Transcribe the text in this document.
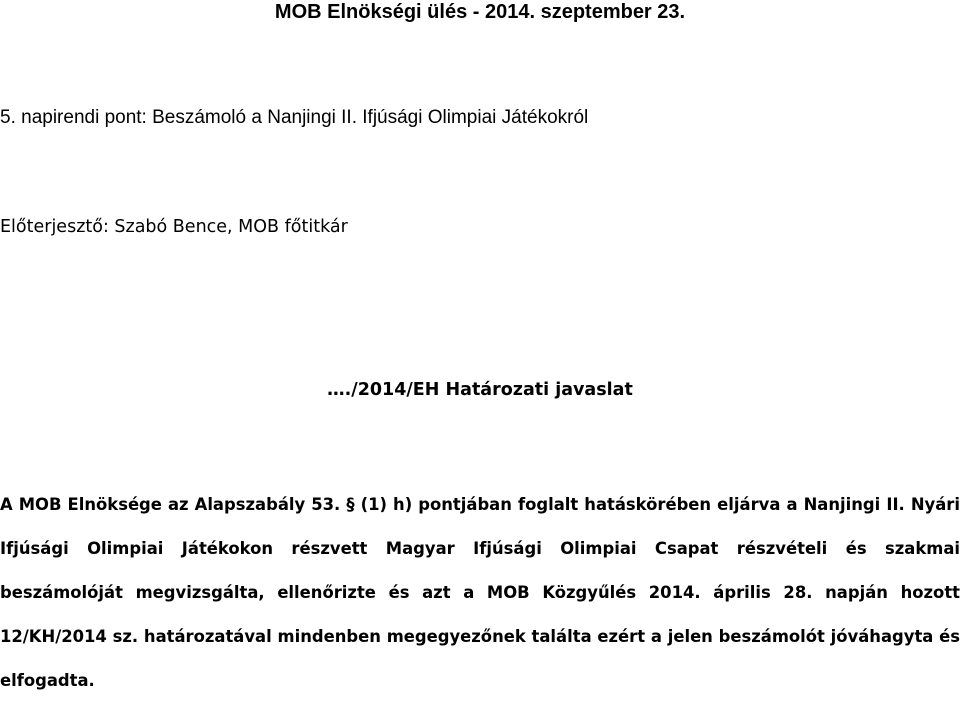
MOB Elnökségi ülés - 2014. szeptember 23.
5. napirendi pont: Beszámoló a Nanjingi II. Ifjúsági Olimpiai Játékokról
Előterjesztő: Szabó Bence, MOB főtitkár
…./2014/EH Határozati javaslat

A MOB Elnöksége az Alapszabály 53. § (1) h) pontjában foglalt hatáskörében eljárva a Nanjingi II. Nyári Ifjúsági Olimpiai Játékokon részvett Magyar Ifjúsági Olimpiai Csapat részvételi és szakmai beszámolóját megvizsgálta, ellenőrizte és azt a MOB Közgyűlés 2014. április 28. napján hozott 12/KH/2014 sz. határozatával mindenben megegyezőnek találta ezért a jelen beszámolót jóváhagyta és elfogadta.
